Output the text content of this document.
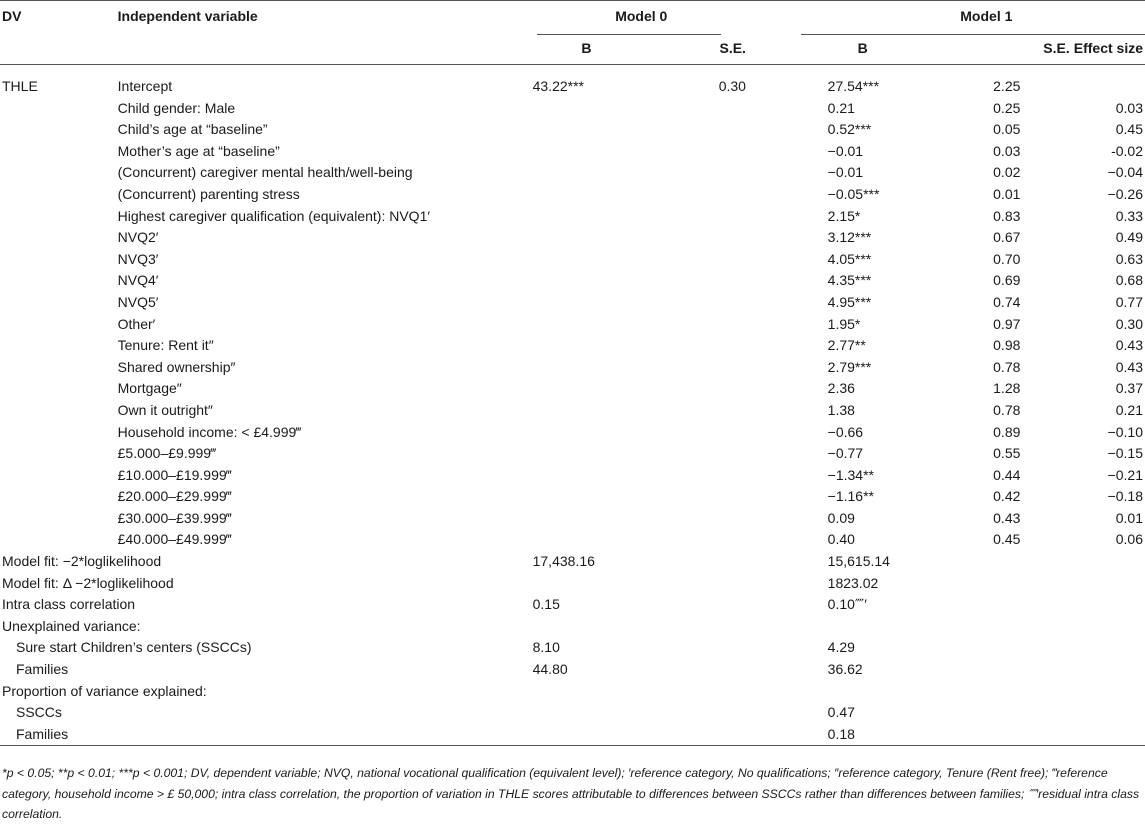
DV	Independent variable	Model 0			Model 1		
		B	S.E.		B	S.E.	Effect size

THLE	Intercept	43.22***	0.30		27.54***	2.25	
	Child gender: Male				0.21	0.25	0.03
	Child’s age at “baseline”				0.52***	0.05	0.45
	Mother’s age at “baseline”				−0.01	0.03	-0.02
	(Concurrent) caregiver mental health/well-being				−0.01	0.02	−0.04
	(Concurrent) parenting stress				−0.05***	0.01	−0.26
	Highest caregiver qualification (equivalent): NVQ1′				2.15*	0.83	0.33
	NVQ2′				3.12***	0.67	0.49
	NVQ3′				4.05***	0.70	0.63
	NVQ4′				4.35***	0.69	0.68
	NVQ5′				4.95***	0.74	0.77
	Other′				1.95*	0.97	0.30
	Tenure: Rent it″				2.77**	0.98	0.43
	Shared ownership″				2.79***	0.78	0.43
	Mortgage″				2.36	1.28	0.37
	Own it outright″				1.38	0.78	0.21
	Household income: < £4.999‴				−0.66	0.89	−0.10
	£5.000–£9.999‴				−0.77	0.55	−0.15
	£10.000–£19.999‴				−1.34**	0.44	−0.21
	£20.000–£29.999‴				−1.16**	0.42	−0.18
	£30.000–£39.999‴				0.09	0.43	0.01
	£40.000–£49.999‴				0.40	0.45	0.06
Model fit: −2*loglikelihood		17,438.16			15,615.14		
Model fit: Δ −2*loglikelihood					1823.02		
Intra class correlation		0.15			0.10⁗′		
Unexplained variance:							
Sure start Children’s centers (SSCCs)		8.10			4.29		
Families		44.80			36.62		
Proportion of variance explained:							
SSCCs					0.47		
Families					0.18		
*p < 0.05; **p < 0.01; ***p < 0.001; DV, dependent variable; NVQ, national vocational qualification (equivalent level); ′reference category, No qualifications; ″reference category, Tenure (Rent free); ‴reference category, household income > £ 50,000; intra class correlation, the proportion of variation in THLE scores attributable to differences between SSCCs rather than differences between families; ⁗′residual intra class correlation.
